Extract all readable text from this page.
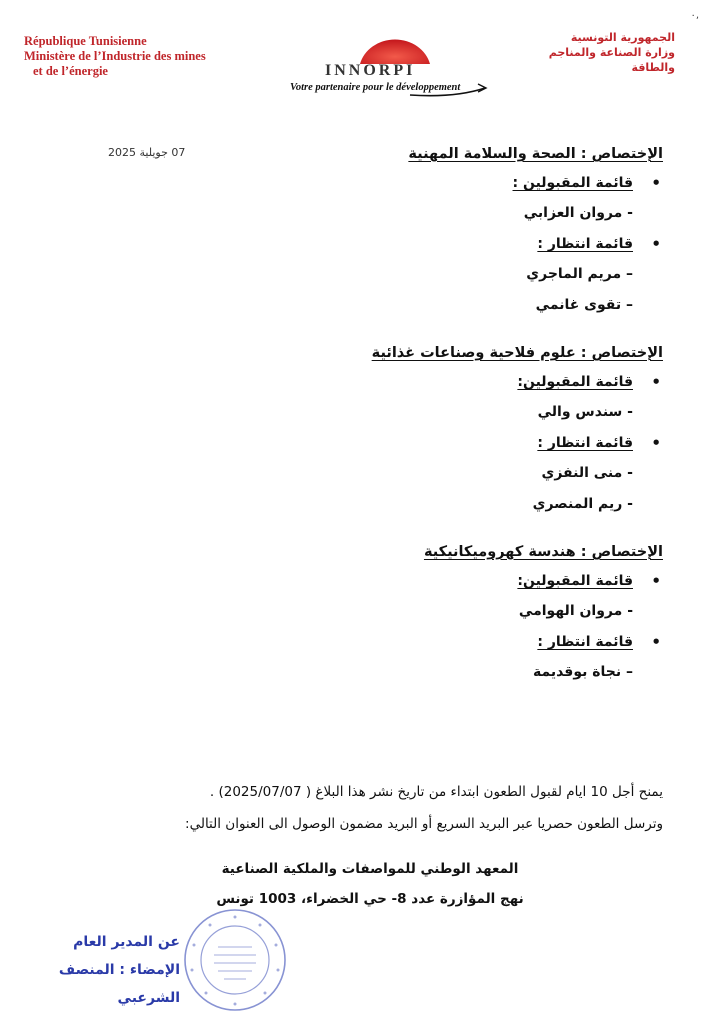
٠,
République Tunisienne
Ministère de l’Industrie des mines
et de l’énergie	INNORPI
Votre partenaire pour le développement
الجمهورية التونسية
وزارة الصناعة والمناجم
والطاقة
07 جويلية 2025	الإختصاص : الصحة والسلامة المهنية
قائمة المقبولين : •
- مروان العزابي
قائمة انتظار : •
– مريم الماجري
– تقوى غانمي
الإختصاص : علوم فلاحية وصناعات غذائية
قائمة المقبولين: •
- سندس والي
قائمة انتظار : •
- منى النفزي
- ريم المنصري
الإختصاص : هندسة كهروميكانيكية
قائمة المقبولين: •
- مروان الهوامي
قائمة انتظار : •
– نجاة بوقديمة
يمنح أجل 10 ايام لقبول الطعون ابتداء من تاريخ نشر هذا البلاغ ( 2025/07/07) .
وترسل الطعون حصريا عبر البريد السريع أو البريد مضمون الوصول الى العنوان التالي:
المعهد الوطني للمواصفات والملكية الصناعية
نهج المؤازرة عدد 8- حي الخضراء، 1003 تونس
عن المدير العام
الإمضاء : المنصف الشرعبي
